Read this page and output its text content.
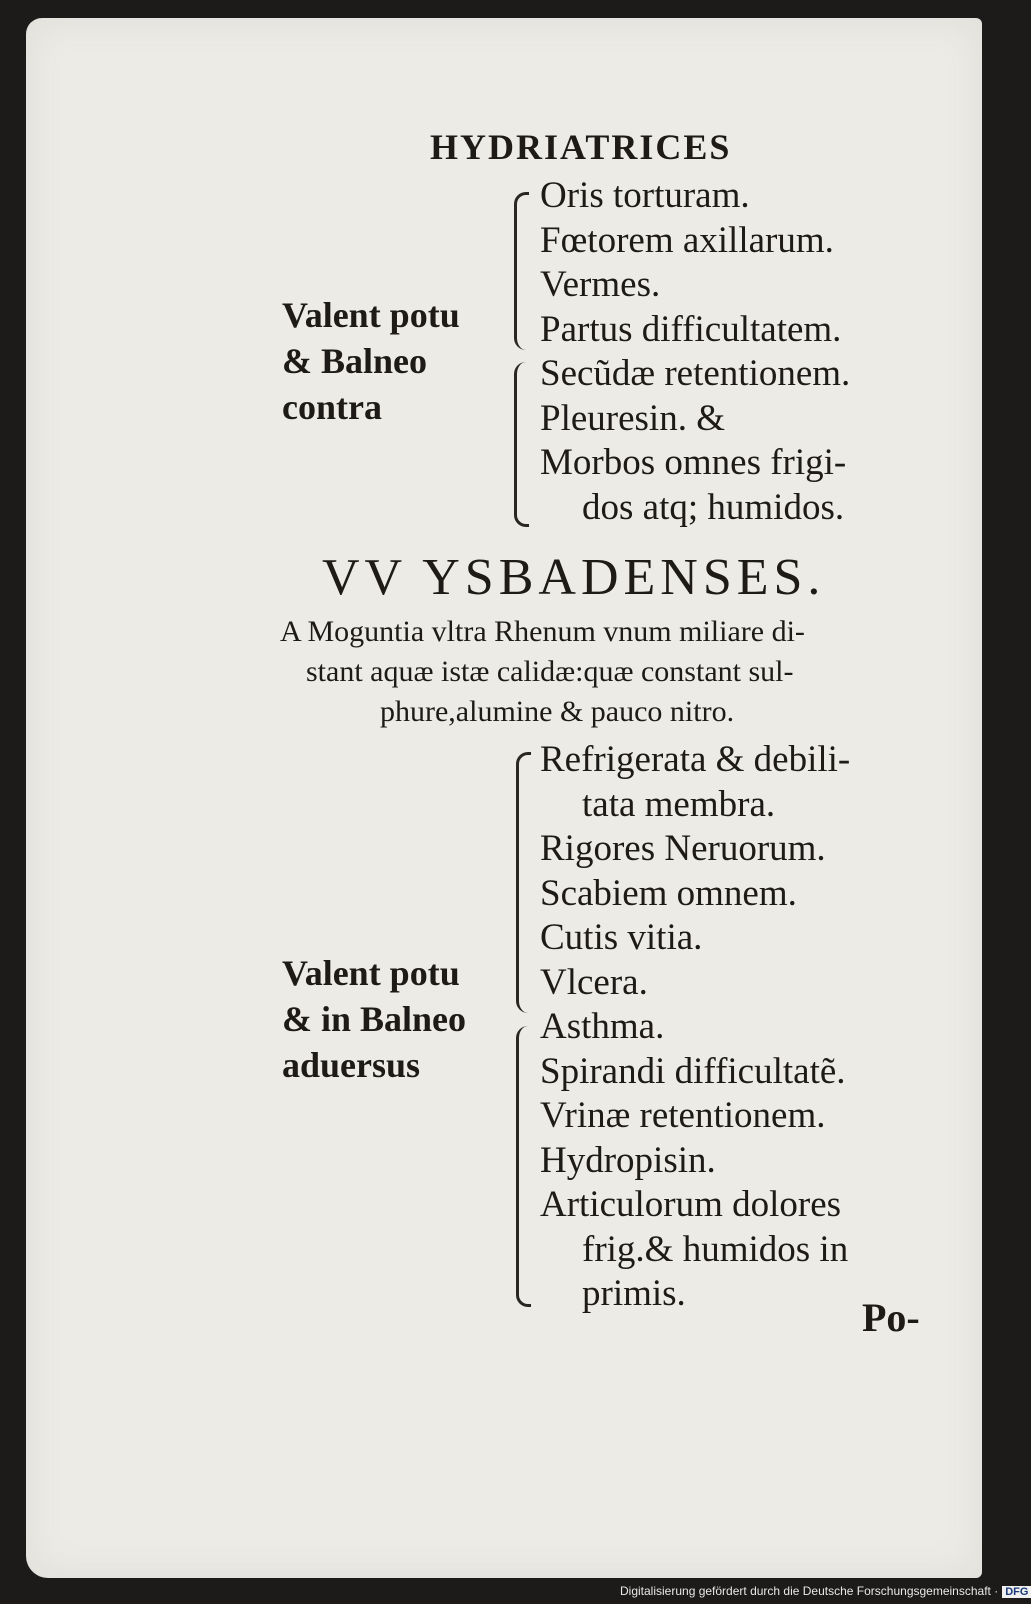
HYDRIATRICES
Valent potu
& Balneo
contra
Oris torturam.
Fœtorem axillarum.
Vermes.
Partus difficultatem.
Secũdæ retentionem.
Pleuresin. &
Morbos omnes frigi-
dos atq; humidos.
VV YSBADENSES.
A Moguntia vltra Rhenum vnum miliare di-
stant aquæ istæ calidæ:quæ constant sul-
phure,alumine & pauco nitro.
Valent potu
& in Balneo
aduersus
Refrigerata & debili-
tata membra.
Rigores Neruorum.
Scabiem omnem.
Cutis vitia.
Vlcera.
Asthma.
Spirandi difficultatẽ.
Vrinæ retentionem.
Hydropisin.
Articulorum dolores
frig.& humidos in
primis.
Po-
Digitalisierung gefördert durch die Deutsche Forschungsgemeinschaft · DFG
